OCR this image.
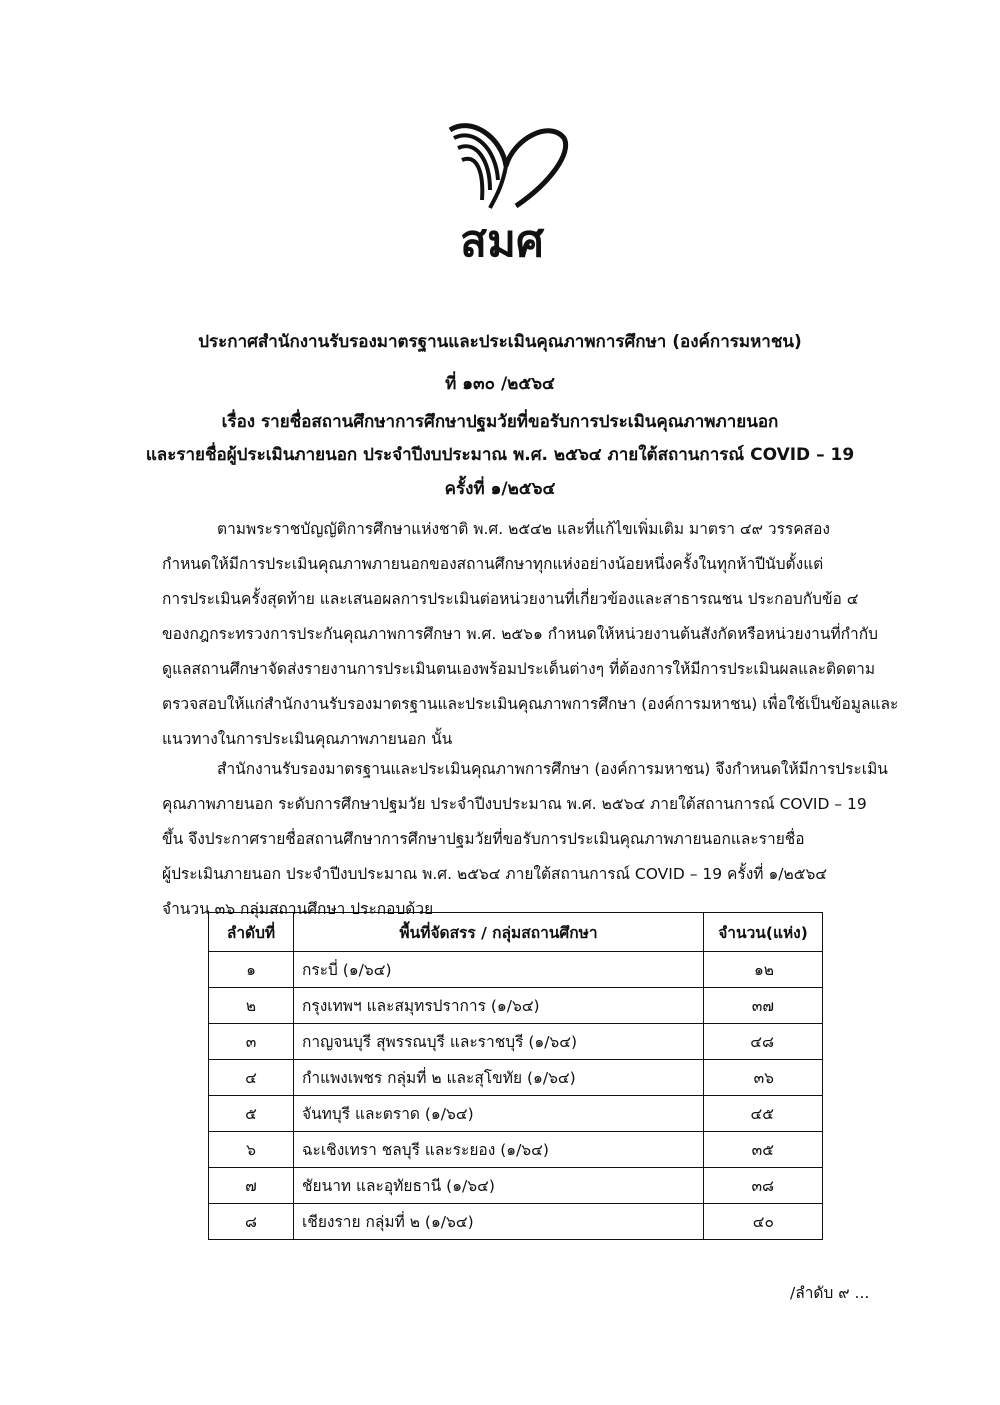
สมศ
ประกาศสำนักงานรับรองมาตรฐานและประเมินคุณภาพการศึกษา (องค์การมหาชน)
ที่ ๑๓๐ /๒๕๖๔
เรื่อง รายชื่อสถานศึกษาการศึกษาปฐมวัยที่ขอรับการประเมินคุณภาพภายนอก
และรายชื่อผู้ประเมินภายนอก ประจำปีงบประมาณ พ.ศ. ๒๕๖๔ ภายใต้สถานการณ์ COVID – 19
ครั้งที่ ๑/๒๕๖๔
ตามพระราชบัญญัติการศึกษาแห่งชาติ พ.ศ. ๒๕๔๒ และที่แก้ไขเพิ่มเติม มาตรา ๔๙ วรรคสอง
กำหนดให้มีการประเมินคุณภาพภายนอกของสถานศึกษาทุกแห่งอย่างน้อยหนึ่งครั้งในทุกห้าปีนับตั้งแต่
การประเมินครั้งสุดท้าย และเสนอผลการประเมินต่อหน่วยงานที่เกี่ยวข้องและสาธารณชน ประกอบกับข้อ ๔
ของกฎกระทรวงการประกันคุณภาพการศึกษา พ.ศ. ๒๕๖๑ กำหนดให้หน่วยงานต้นสังกัดหรือหน่วยงานที่กำกับ
ดูแลสถานศึกษาจัดส่งรายงานการประเมินตนเองพร้อมประเด็นต่างๆ ที่ต้องการให้มีการประเมินผลและติดตาม
ตรวจสอบให้แก่สำนักงานรับรองมาตรฐานและประเมินคุณภาพการศึกษา (องค์การมหาชน) เพื่อใช้เป็นข้อมูลและ
แนวทางในการประเมินคุณภาพภายนอก นั้น
สำนักงานรับรองมาตรฐานและประเมินคุณภาพการศึกษา (องค์การมหาชน) จึงกำหนดให้มีการประเมิน
คุณภาพภายนอก ระดับการศึกษาปฐมวัย ประจำปีงบประมาณ พ.ศ. ๒๕๖๔ ภายใต้สถานการณ์ COVID – 19
ขึ้น จึงประกาศรายชื่อสถานศึกษาการศึกษาปฐมวัยที่ขอรับการประเมินคุณภาพภายนอกและรายชื่อ
ผู้ประเมินภายนอก ประจำปีงบประมาณ พ.ศ. ๒๕๖๔ ภายใต้สถานการณ์ COVID – 19 ครั้งที่ ๑/๒๕๖๔
จำนวน ๓๖ กลุ่มสถานศึกษา ประกอบด้วย
ลำดับที่	พื้นที่จัดสรร / กลุ่มสถานศึกษา	จำนวน(แห่ง)
๑	กระบี่ (๑/๖๔)	๑๒
๒	กรุงเทพฯ และสมุทรปราการ (๑/๖๔)	๓๗
๓	กาญจนบุรี สุพรรณบุรี และราชบุรี (๑/๖๔)	๔๘
๔	กำแพงเพชร กลุ่มที่ ๒ และสุโขทัย (๑/๖๔)	๓๖
๕	จันทบุรี และตราด (๑/๖๔)	๔๕
๖	ฉะเชิงเทรา ชลบุรี และระยอง (๑/๖๔)	๓๕
๗	ชัยนาท และอุทัยธานี (๑/๖๔)	๓๘
๘	เชียงราย กลุ่มที่ ๒ (๑/๖๔)	๔๐
/ลำดับ ๙ ...
